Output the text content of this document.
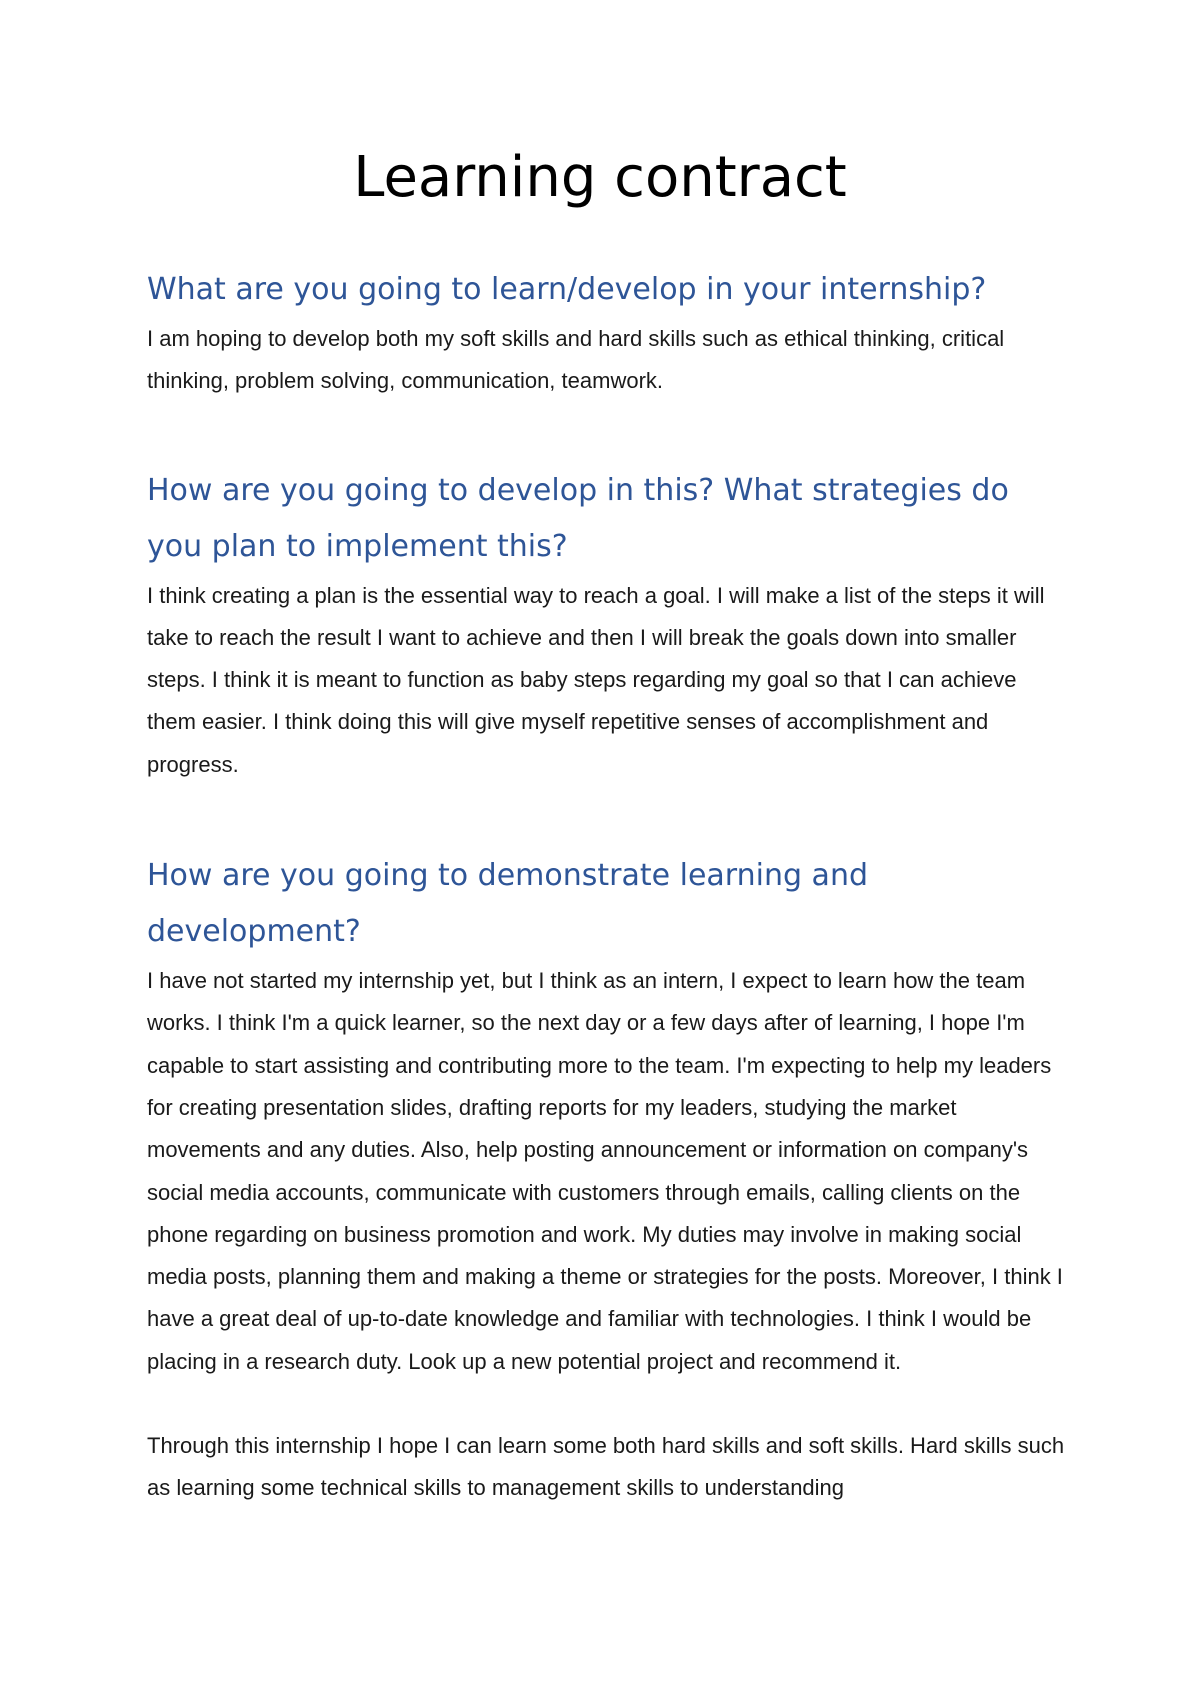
Learning contract
What are you going to learn/develop in your internship?

I am hoping to develop both my soft skills and hard skills such as ethical thinking, critical thinking, problem solving, communication, teamwork.

How are you going to develop in this? What strategies do you plan to implement this?

I think creating a plan is the essential way to reach a goal. I will make a list of the steps it will take to reach the result I want to achieve and then I will break the goals down into smaller steps. I think it is meant to function as baby steps regarding my goal so that I can achieve them easier. I think doing this will give myself repetitive senses of accomplishment and progress.

How are you going to demonstrate learning and development?

I have not started my internship yet, but I think as an intern, I expect to learn how the team works. I think I'm a quick learner, so the next day or a few days after of learning, I hope I'm capable to start assisting and contributing more to the team. I'm expecting to help my leaders for creating presentation slides, drafting reports for my leaders, studying the market movements and any duties. Also, help posting announcement or information on company's social media accounts, communicate with customers through emails, calling clients on the phone regarding on business promotion and work. My duties may involve in making social media posts, planning them and making a theme or strategies for the posts. Moreover, I think I have a great deal of up-to-date knowledge and familiar with technologies. I think I would be placing in a research duty. Look up a new potential project and recommend it.

Through this internship I hope I can learn some both hard skills and soft skills. Hard skills such as learning some technical skills to management skills to understanding
